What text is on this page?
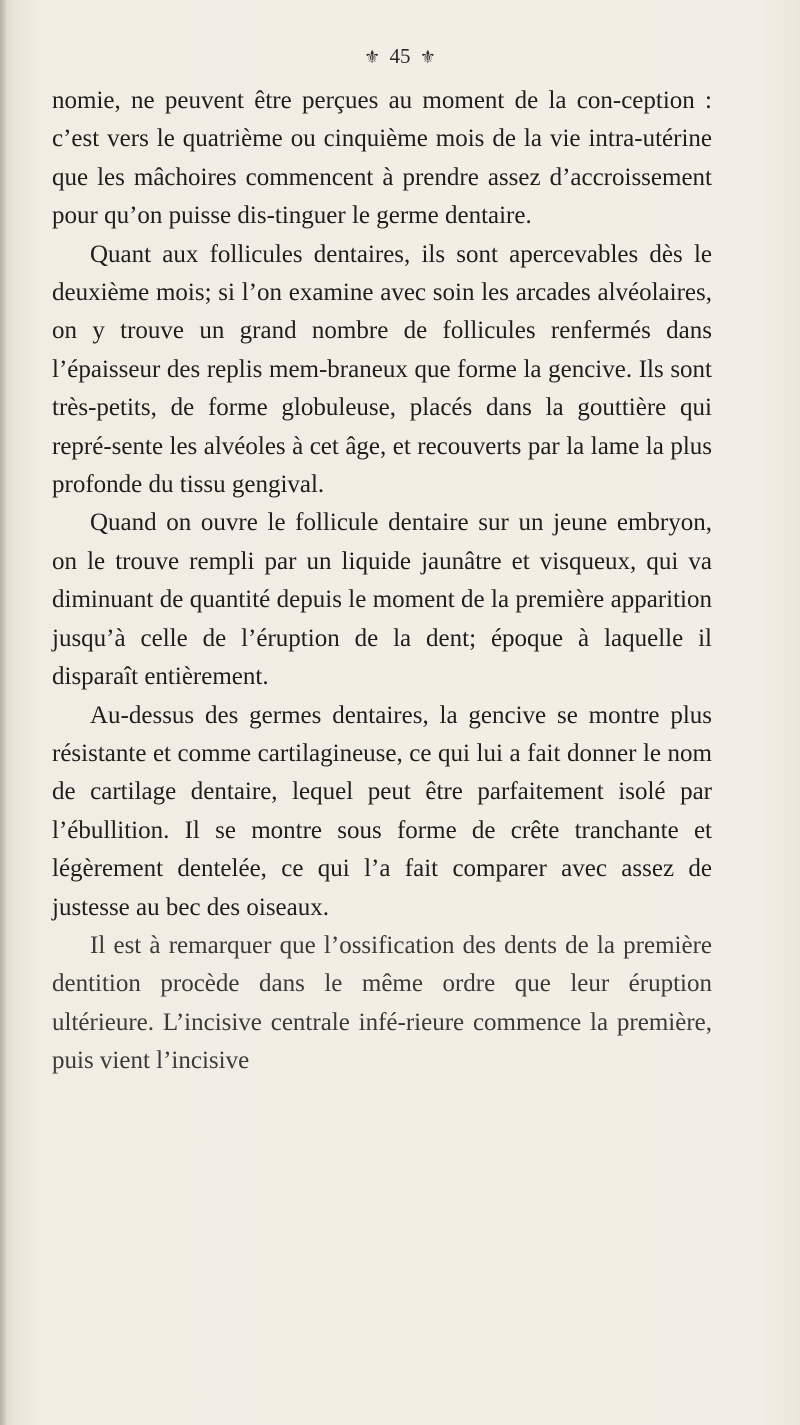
⚜ 45 ⚜

nomie, ne peuvent être perçues au moment de la con-ception : c’est vers le quatrième ou cinquième mois de la vie intra-utérine que les mâchoires commencent à prendre assez d’accroissement pour qu’on puisse dis-tinguer le germe dentaire.

Quant aux follicules dentaires, ils sont apercevables dès le deuxième mois; si l’on examine avec soin les arcades alvéolaires, on y trouve un grand nombre de follicules renfermés dans l’épaisseur des replis mem-braneux que forme la gencive. Ils sont très-petits, de forme globuleuse, placés dans la gouttière qui repré-sente les alvéoles à cet âge, et recouverts par la lame la plus profonde du tissu gengival.

Quand on ouvre le follicule dentaire sur un jeune embryon, on le trouve rempli par un liquide jaunâtre et visqueux, qui va diminuant de quantité depuis le moment de la première apparition jusqu’à celle de l’éruption de la dent; époque à laquelle il disparaît entièrement.

Au-dessus des germes dentaires, la gencive se montre plus résistante et comme cartilagineuse, ce qui lui a fait donner le nom de cartilage dentaire, lequel peut être parfaitement isolé par l’ébullition. Il se montre sous forme de crête tranchante et légèrement dentelée, ce qui l’a fait comparer avec assez de justesse au bec des oiseaux.

Il est à remarquer que l’ossification des dents de la première dentition procède dans le même ordre que leur éruption ultérieure. L’incisive centrale infé-rieure commence la première, puis vient l’incisive
